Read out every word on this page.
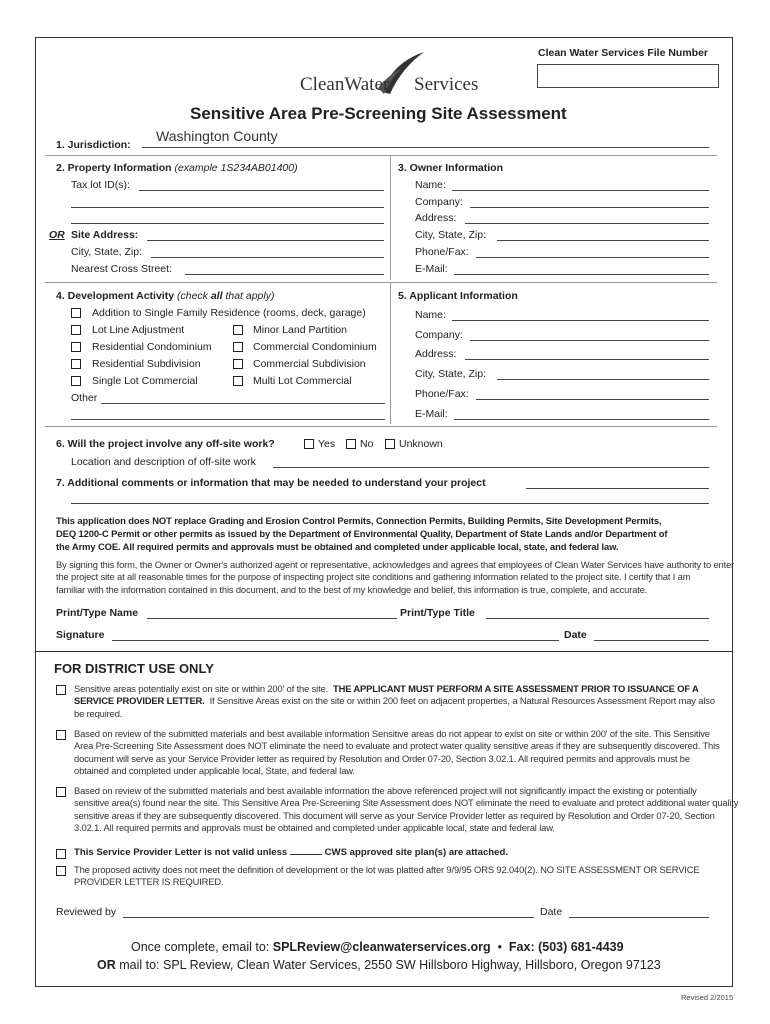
Clean Water Services File Number
CleanWater Services
Sensitive Area Pre-Screening Site Assessment
1. Jurisdiction:
Washington County
2. Property Information (example 1S234AB01400)
Tax lot ID(s):
OR Site Address:
City, State, Zip:
Nearest Cross Street:
3. Owner Information
Name:
Company:
Address:
City, State, Zip:
Phone/Fax:
E-Mail:
4. Development Activity (check all that apply)
Addition to Single Family Residence (rooms, deck, garage)
Lot Line Adjustment	Minor Land Partition
Residential Condominium	Commercial Condominium
Residential Subdivision	Commercial Subdivision
Single Lot Commercial	Multi Lot Commercial
Other
5. Applicant Information
Name:
Company:
Address:
City, State, Zip:
Phone/Fax:
E-Mail:
6. Will the project involve any off-site work?	Yes No Unknown
Location and description of off-site work
7. Additional comments or information that may be needed to understand your project
This application does NOT replace Grading and Erosion Control Permits, Connection Permits, Building Permits, Site Development Permits,
DEQ 1200-C Permit or other permits as issued by the Department of Environmental Quality, Department of State Lands and/or Department of
the Army COE. All required permits and approvals must be obtained and completed under applicable local, state, and federal law.
By signing this form, the Owner or Owner's authorized agent or representative, acknowledges and agrees that employees of Clean Water Services have authority to enter
the project site at all reasonable times for the purpose of inspecting project site conditions and gathering information related to the project site. I certify that I am
familiar with the information contained in this document, and to the best of my knowledge and belief, this information is true, complete, and accurate.
Print/Type Name	Print/Type Title
Signature	Date
FOR DISTRICT USE ONLY
Sensitive areas potentially exist on site or within 200' of the site. THE APPLICANT MUST PERFORM A SITE ASSESSMENT PRIOR TO ISSUANCE OF A
SERVICE PROVIDER LETTER. If Sensitive Areas exist on the site or within 200 feet on adjacent properties, a Natural Resources Assessment Report may also
be required.
Based on review of the submitted materials and best available information Sensitive areas do not appear to exist on site or within 200' of the site. This Sensitive
Area Pre-Screening Site Assessment does NOT eliminate the need to evaluate and protect water quality sensitive areas if they are subsequently discovered. This
document will serve as your Service Provider letter as required by Resolution and Order 07-20, Section 3.02.1. All required permits and approvals must be
obtained and completed under applicable local, State, and federal law.
Based on review of the submitted materials and best available information the above referenced project will not significantly impact the existing or potentially
sensitive area(s) found near the site. This Sensitive Area Pre-Screening Site Assessment does NOT eliminate the need to evaluate and protect additional water quality
sensitive areas if they are subsequently discovered. This document will serve as your Service Provider letter as required by Resolution and Order 07-20, Section
3.02.1. All required permits and approvals must be obtained and completed under applicable local, state and federal law.
This Service Provider Letter is not valid unless	CWS approved site plan(s) are attached.
The proposed activity does not meet the definition of development or the lot was platted after 9/9/95 ORS 92.040(2). NO SITE ASSESSMENT OR SERVICE
PROVIDER LETTER IS REQUIRED.
Reviewed by	Date
Once complete, email to: SPLReview@cleanwaterservices.org • Fax: (503) 681-4439
OR mail to: SPL Review, Clean Water Services, 2550 SW Hillsboro Highway, Hillsboro, Oregon 97123
Revised 2/2015
